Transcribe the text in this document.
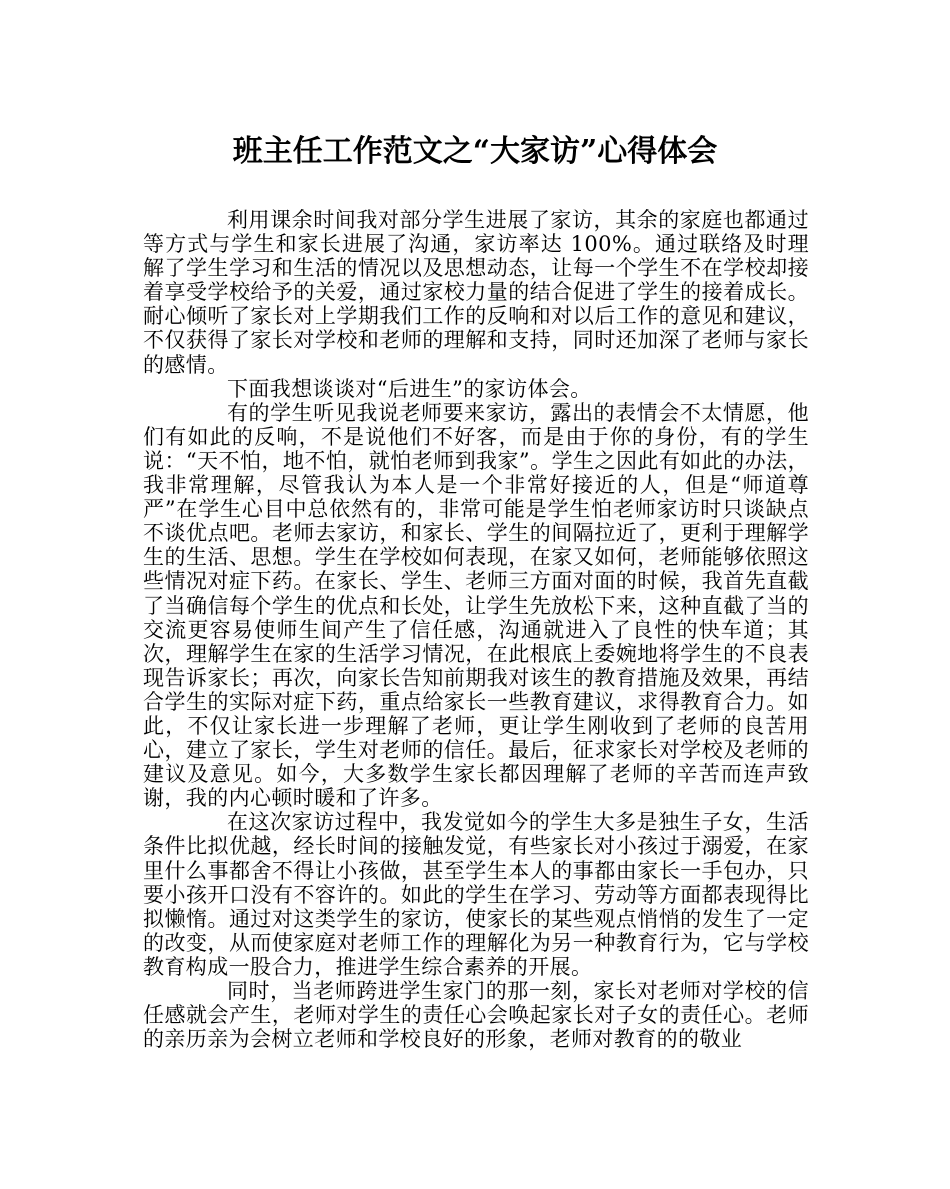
班主任工作范文之“大家访”心得体会

利用课余时间我对部分学生进展了家访，其余的家庭也都通过等方式与学生和家长进展了沟通，家访率达 100%。通过联络及时理解了学生学习和生活的情况以及思想动态，让每一个学生不在学校却接着享受学校给予的关爱，通过家校力量的结合促进了学生的接着成长。耐心倾听了家长对上学期我们工作的反响和对以后工作的意见和建议，不仅获得了家长对学校和老师的理解和支持，同时还加深了老师与家长的感情。

下面我想谈谈对“后进生”的家访体会。

有的学生听见我说老师要来家访，露出的表情会不太情愿，他们有如此的反响，不是说他们不好客，而是由于你的身份，有的学生说：“天不怕，地不怕，就怕老师到我家”。学生之因此有如此的办法，我非常理解，尽管我认为本人是一个非常好接近的人，但是“师道尊严”在学生心目中总依然有的，非常可能是学生怕老师家访时只谈缺点不谈优点吧。老师去家访，和家长、学生的间隔拉近了，更利于理解学生的生活、思想。学生在学校如何表现，在家又如何，老师能够依照这些情况对症下药。在家长、学生、老师三方面对面的时候，我首先直截了当确信每个学生的优点和长处，让学生先放松下来，这种直截了当的交流更容易使师生间产生了信任感，沟通就进入了良性的快车道；其次，理解学生在家的生活学习情况，在此根底上委婉地将学生的不良表现告诉家长；再次，向家长告知前期我对该生的教育措施及效果，再结合学生的实际对症下药，重点给家长一些教育建议，求得教育合力。如此，不仅让家长进一步理解了老师，更让学生刚收到了老师的良苦用心，建立了家长，学生对老师的信任。最后，征求家长对学校及老师的建议及意见。如今，大多数学生家长都因理解了老师的辛苦而连声致谢，我的内心顿时暖和了许多。

在这次家访过程中，我发觉如今的学生大多是独生子女，生活条件比拟优越，经长时间的接触发觉，有些家长对小孩过于溺爱，在家里什么事都舍不得让小孩做，甚至学生本人的事都由家长一手包办，只要小孩开口没有不容许的。如此的学生在学习、劳动等方面都表现得比拟懒惰。通过对这类学生的家访，使家长的某些观点悄悄的发生了一定的改变，从而使家庭对老师工作的理解化为另一种教育行为，它与学校教育构成一股合力，推进学生综合素养的开展。

同时，当老师跨进学生家门的那一刻，家长对老师对学校的信任感就会产生，老师对学生的责任心会唤起家长对子女的责任心。老师的亲历亲为会树立老师和学校良好的形象，老师对教育的的敬业
